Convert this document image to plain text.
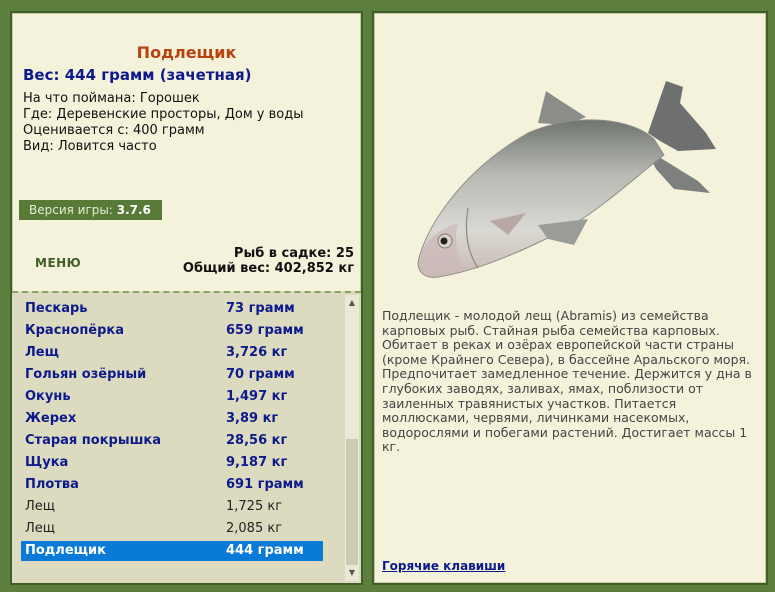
Подлещик
Вес: 444 грамм (зачетная)
На что поймана: Горошек
Где: Деревенские просторы, Дом у воды
Оценивается с: 400 грамм
Вид: Ловится часто
Версия игры: 3.7.6
МЕНЮ
Рыб в садке: 25
Общий вес: 402,852 кг
Пескарь	73 грамм
Краснопёрка	659 грамм
Лещ	3,726 кг
Гольян озёрный	70 грамм
Окунь	1,497 кг
Жерех	3,89 кг
Старая покрышка	28,56 кг
Щука	9,187 кг
Плотва	691 грамм
Лещ	1,725 кг
Лещ	2,085 кг
Подлещик	444 грамм
▲
▼
Подлещик - молодой лещ (Abramis) из семейства карповых рыб. Стайная рыба семейства карповых. Обитает в реках и озёрах европейской части страны (кроме Крайнего Севера), в бассейне Аральского моря. Предпочитает замедленное течение. Держится у дна в глубоких заводях, заливах, ямах, поблизости от заиленных травянистых участков. Питается моллюсками, червями, личинками насекомых, водорослями и побегами растений. Достигает массы 1 кг.
Горячие клавиши
